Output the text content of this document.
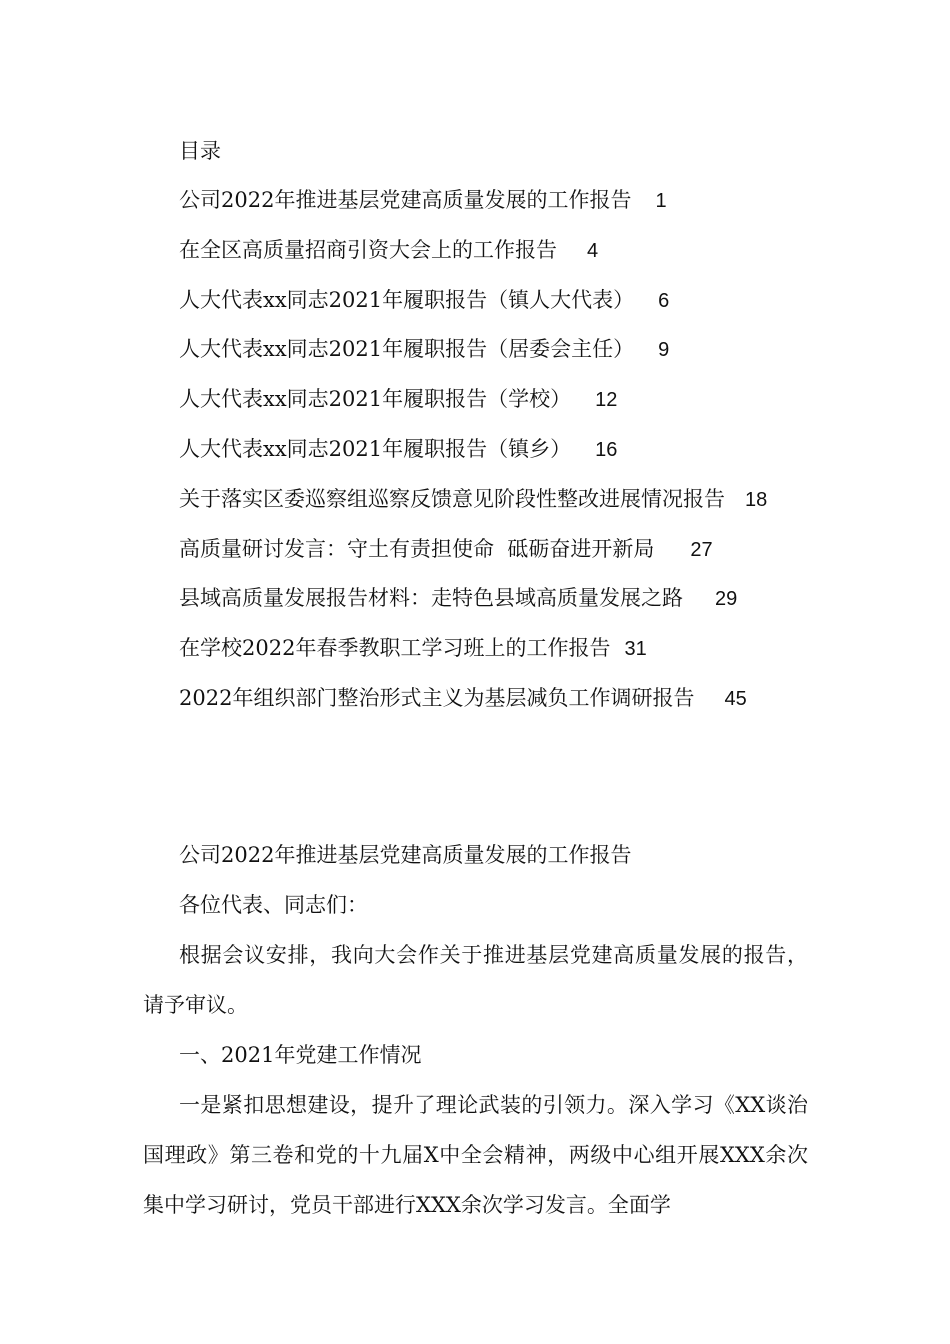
目录
公司2022年推进基层党建高质量发展的工作报告 1
在全区高质量招商引资大会上的工作报告 4
人大代表xx同志2021年履职报告（镇人大代表） 6
人大代表xx同志2021年履职报告（居委会主任） 9
人大代表xx同志2021年履职报告（学校） 12
人大代表xx同志2021年履职报告（镇乡） 16
关于落实区委巡察组巡察反馈意见阶段性整改进展情况报告 18
高质量研讨发言：守土有责担使命  砥砺奋进开新局 27
县域高质量发展报告材料：走特色县域高质量发展之路 29
在学校2022年春季教职工学习班上的工作报告 31
2022年组织部门整治形式主义为基层减负工作调研报告 45

公司2022年推进基层党建高质量发展的工作报告

各位代表、同志们：

根据会议安排，我向大会作关于推进基层党建高质量发展的报告，请予审议。

一、2021年党建工作情况

一是紧扣思想建设，提升了理论武装的引领力。深入学习《XX谈治国理政》第三卷和党的十九届X中全会精神，两级中心组开展XXX余次集中学习研讨，党员干部进行XXX余次学习发言。全面学
